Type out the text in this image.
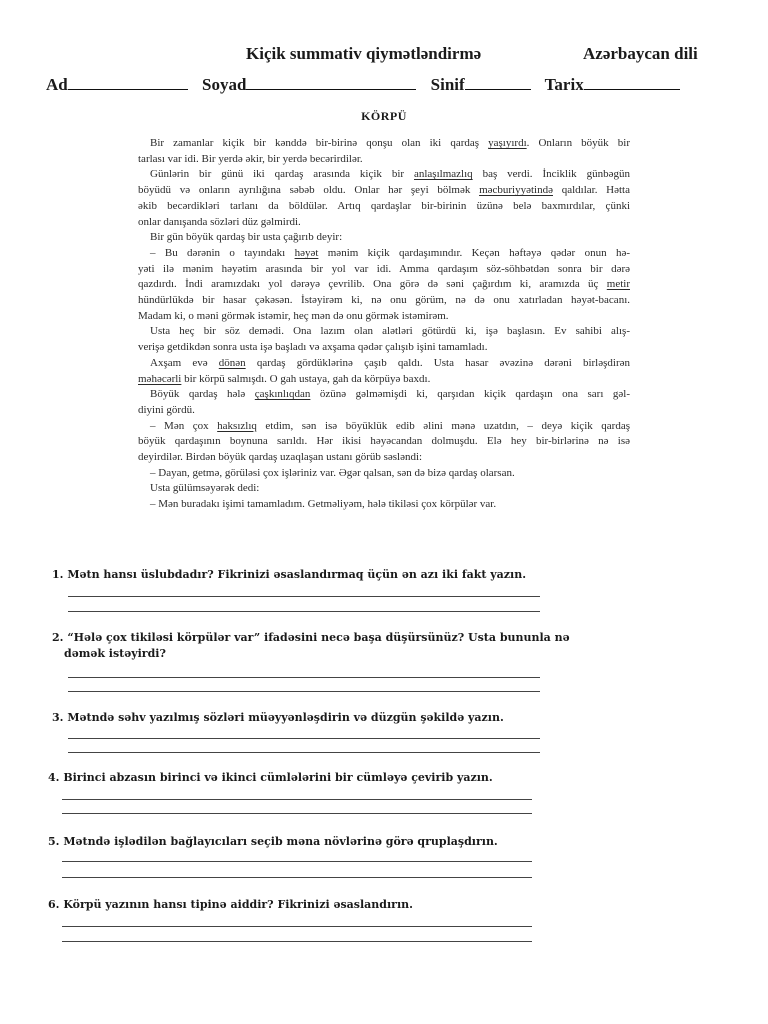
Kiçik summativ qiymətləndirmə	Azərbaycan dili
Ad	Soyad	Sinif	Tarix
KÖRPÜ
Bir zamanlar kiçik bir kənddə bir-birinə qonşu olan iki qardaş yaşıyırdı. Onların böyük bir
tarlası var idi. Bir yerdə əkir, bir yerdə becərirdilər.
Günlərin bir günü iki qardaş arasında kiçik bir anlaşılmazlıq baş verdi. İnciklik günbəgün
böyüdü və onların ayrılığına səbəb oldu. Onlar hər şeyi bölmək məcburiyyətində qaldılar. Hətta
əkib becərdikləri tarlanı da böldülər. Artıq qardaşlar bir-birinin üzünə belə baxmırdılar, çünki
onlar danışanda sözləri düz gəlmirdi.
Bir gün böyük qardaş bir usta çağırıb deyir:
– Bu dərənin o tayındakı həyət mənim kiçik qardaşımındır. Keçən həftəyə qədər onun hə-
yəti ilə mənim həyətim arasında bir yol var idi. Amma qardaşım söz-söhbətdən sonra bir dərə
qazdırdı. İndi aramızdakı yol dərəyə çevrilib. Ona görə də səni çağırdım ki, aramızda üç metir
hündürlükdə bir hasar çəkəsən. İstəyirəm ki, nə onu görüm, nə də onu xatırladan həyət-bacanı.
Madam ki, o məni görmək istəmir, heç mən də onu görmək istəmirəm.
Usta heç bir söz demədi. Ona lazım olan alətləri götürdü ki, işə başlasın. Ev sahibi alış-
verişə getdikdən sonra usta işə başladı və axşama qədər çalışıb işini tamamladı.
Axşam evə dönən qardaş gördüklərinə çaşıb qaldı. Usta hasar əvəzinə dərəni birləşdirən
məhəcərli bir körpü salmışdı. O gah ustaya, gah da körpüyə baxdı.
Böyük qardaş hələ çaşkınlıqdan özünə gəlməmişdi ki, qarşıdan kiçik qardaşın ona sarı gəl-
diyini gördü.
– Mən çox haksızlıq etdim, sən isə böyüklük edib əlini mənə uzatdın, – deyə kiçik qardaş
böyük qardaşının boynuna sarıldı. Hər ikisi həyəcandan dolmuşdu. Elə hey bir-birlərinə nə isə
deyirdilər. Birdən böyük qardaş uzaqlaşan ustanı görüb səsləndi:
– Dayan, getmə, görüləsi çox işləriniz var. Əgər qalsan, sən də bizə qardaş olarsan.
Usta gülümsəyərək dedi:
– Mən buradakı işimi tamamladım. Getməliyəm, hələ tikiləsi çox körpülər var.
1. Mətn hansı üslubdadır? Fikrinizi əsaslandırmaq üçün ən azı iki fakt yazın.
2. “Hələ çox tikiləsi körpülər var” ifadəsini necə başa düşürsünüz? Usta bununla nə
dəmək istəyirdi?
3. Mətndə səhv yazılmış sözləri müəyyənləşdirin və düzgün şəkildə yazın.
4. Birinci abzasın birinci və ikinci cümlələrini bir cümləyə çevirib yazın.
5. Mətndə işlədilən bağlayıcıları seçib məna növlərinə görə qruplaşdırın.
6. Körpü yazının hansı tipinə aiddir? Fikrinizi əsaslandırın.
